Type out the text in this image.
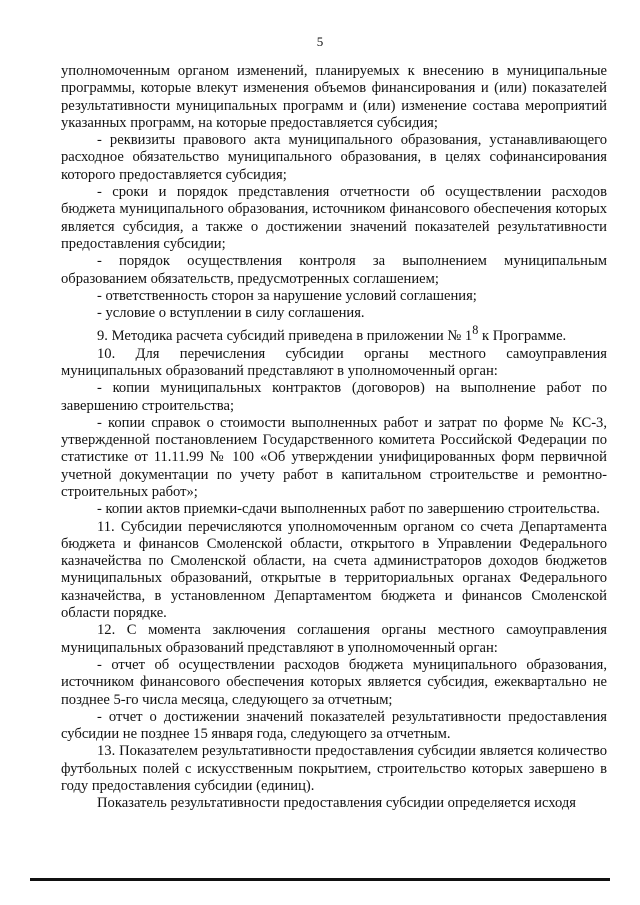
5

уполномоченным органом изменений, планируемых к внесению в муниципальные программы, которые влекут изменения объемов финансирования и (или) показателей результативности муниципальных программ и (или) изменение состава мероприятий указанных программ, на которые предоставляется субсидия;

- реквизиты правового акта муниципального образования, устанавливающего расходное обязательство муниципального образования, в целях софинансирования которого предоставляется субсидия;

- сроки и порядок представления отчетности об осуществлении расходов бюджета муниципального образования, источником финансового обеспечения которых является субсидия, а также о достижении значений показателей результативности предоставления субсидии;

- порядок осуществления контроля за выполнением муниципальным образованием обязательств, предусмотренных соглашением;

- ответственность сторон за нарушение условий соглашения;

- условие о вступлении в силу соглашения.

9. Методика расчета субсидий приведена в приложении № $1^8$ к Программе.

10. Для перечисления субсидии органы местного самоуправления муниципальных образований представляют в уполномоченный орган:

- копии муниципальных контрактов (договоров) на выполнение работ по завершению строительства;

- копии справок о стоимости выполненных работ и затрат по форме № КС-3, утвержденной постановлением Государственного комитета Российской Федерации по статистике от 11.11.99 № 100 «Об утверждении унифицированных форм первичной учетной документации по учету работ в капитальном строительстве и ремонтно-строительных работ»;

- копии актов приемки-сдачи выполненных работ по завершению строительства.

11. Субсидии перечисляются уполномоченным органом со счета Департамента бюджета и финансов Смоленской области, открытого в Управлении Федерального казначейства по Смоленской области, на счета администраторов доходов бюджетов муниципальных образований, открытые в территориальных органах Федерального казначейства, в установленном Департаментом бюджета и финансов Смоленской области порядке.

12. С момента заключения соглашения органы местного самоуправления муниципальных образований представляют в уполномоченный орган:

- отчет об осуществлении расходов бюджета муниципального образования, источником финансового обеспечения которых является субсидия, ежеквартально не позднее 5-го числа месяца, следующего за отчетным;

- отчет о достижении значений показателей результативности предоставления субсидии не позднее 15 января года, следующего за отчетным.

13. Показателем результативности предоставления субсидии является количество футбольных полей с искусственным покрытием, строительство которых завершено в году предоставления субсидии (единиц).

Показатель результативности предоставления субсидии определяется исходя
